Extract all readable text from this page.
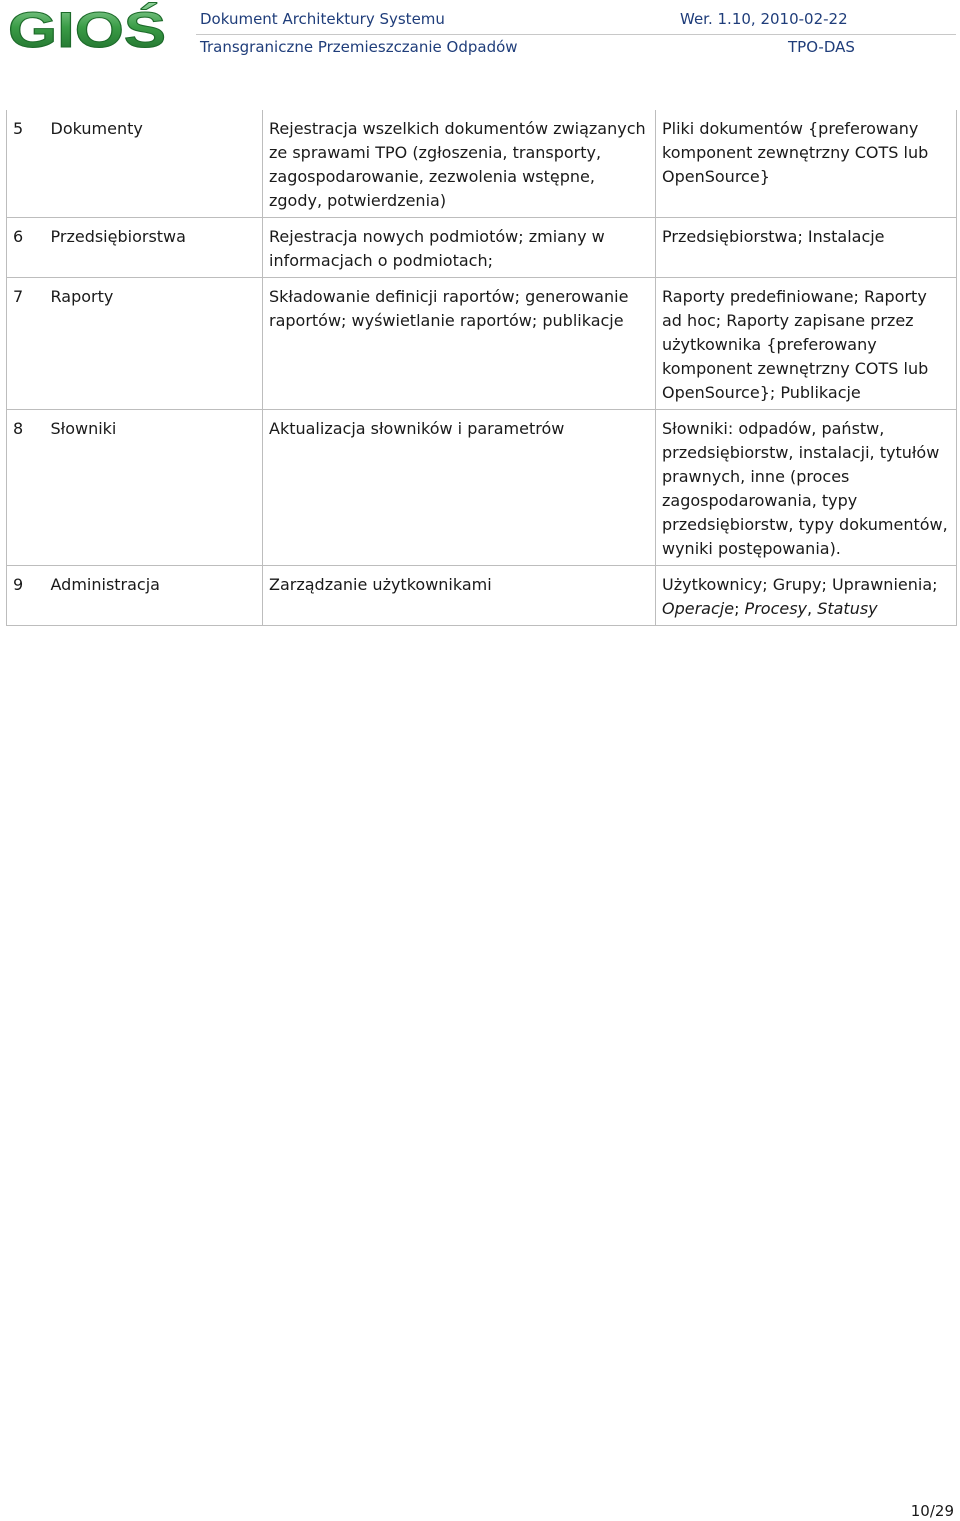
GIOŚ Dokument Architektury Systemu	Wer. 1.10, 2010-02-22
Transgraniczne Przemieszczanie Odpadów	TPO-DAS
5	Dokumenty	Rejestracja wszelkich dokumentów związanych ze sprawami TPO (zgłoszenia, transporty, zagospodarowanie, zezwolenia wstępne, zgody, potwierdzenia)	Pliki dokumentów {preferowany komponent zewnętrzny COTS lub OpenSource}
6	Przedsiębiorstwa	Rejestracja nowych podmiotów; zmiany w informacjach o podmiotach;	Przedsiębiorstwa; Instalacje
7	Raporty	Składowanie definicji raportów; generowanie raportów; wyświetlanie raportów; publikacje	Raporty predefiniowane; Raporty ad hoc; Raporty zapisane przez użytkownika {preferowany komponent zewnętrzny COTS lub OpenSource}; Publikacje
8	Słowniki	Aktualizacja słowników i parametrów	Słowniki: odpadów, państw, przedsiębiorstw, instalacji, tytułów prawnych, inne (proces zagospodarowania, typy przedsiębiorstw, typy dokumentów, wyniki postępowania).
9	Administracja	Zarządzanie użytkownikami	Użytkownicy; Grupy; Uprawnienia; Operacje; Procesy, Statusy
10/29
